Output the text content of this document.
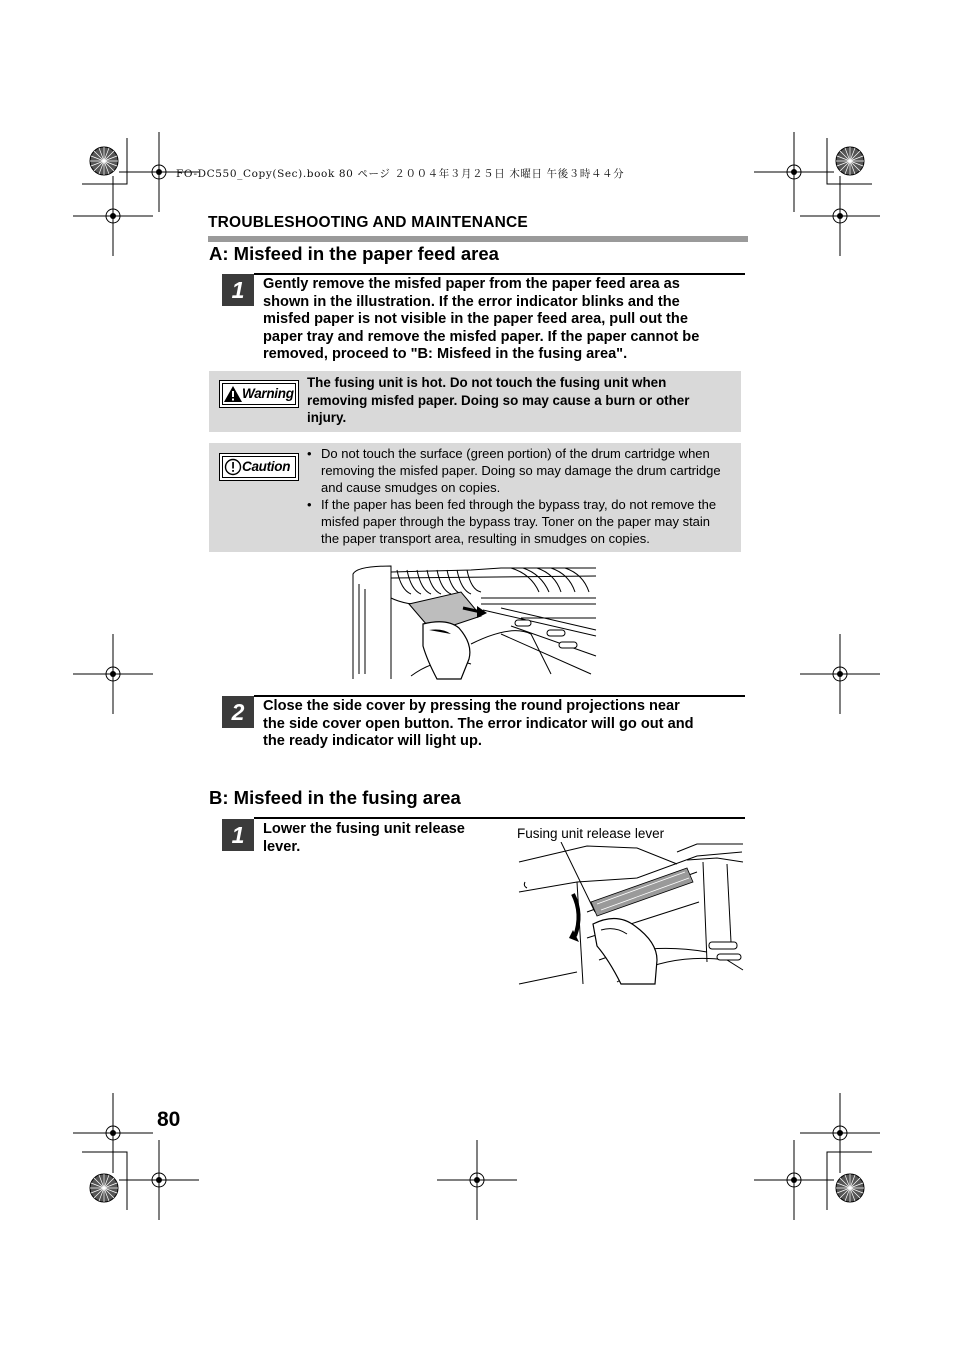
FO-DC550_Copy(Sec).book 80 ページ ２００４年３月２５日 木曜日 午後３時４４分
TROUBLESHOOTING AND MAINTENANCE
A: Misfeed in the paper feed area
1	Gently remove the misfed paper from the paper feed area as
shown in the illustration. If the error indicator blinks and the
misfed paper is not visible in the paper feed area, pull out the
paper tray and remove the misfed paper. If the paper cannot be
removed, proceed to "B: Misfeed in the fusing area".
Warning
The fusing unit is hot. Do not touch the fusing unit when
removing misfed paper. Doing so may cause a burn or other
injury.
Caution
• Do not touch the surface (green portion) of the drum cartridge when
removing the misfed paper. Doing so may damage the drum cartridge
and cause smudges on copies.
• If the paper has been fed through the bypass tray, do not remove the
misfed paper through the bypass tray. Toner on the paper may stain
the paper transport area, resulting in smudges on copies.
2	Close the side cover by pressing the round projections near
the side cover open button. The error indicator will go out and
the ready indicator will light up.
B: Misfeed in the fusing area
1	Lower the fusing unit release
lever.
Fusing unit release lever
80
